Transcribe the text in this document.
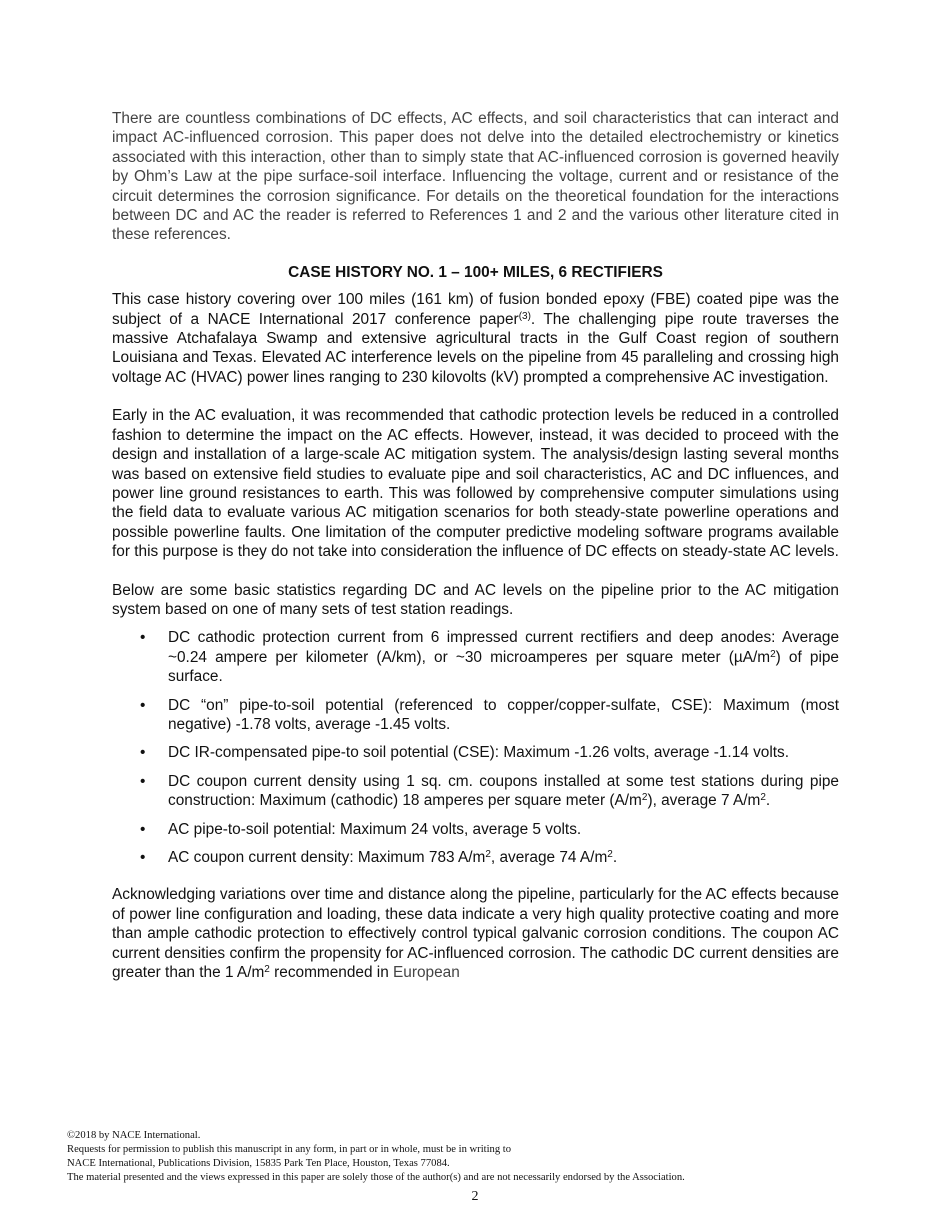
There are countless combinations of DC effects, AC effects, and soil characteristics that can interact and impact AC-influenced corrosion. This paper does not delve into the detailed electrochemistry or kinetics associated with this interaction, other than to simply state that AC-influenced corrosion is governed heavily by Ohm’s Law at the pipe surface-soil interface. Influencing the voltage, current and or resistance of the circuit determines the corrosion significance. For details on the theoretical foundation for the interactions between DC and AC the reader is referred to References 1 and 2 and the various other literature cited in these references.

CASE HISTORY NO. 1 – 100+ MILES, 6 RECTIFIERS

This case history covering over 100 miles (161 km) of fusion bonded epoxy (FBE) coated pipe was the subject of a NACE International 2017 conference paper$^{(3)}$. The challenging pipe route traverses the massive Atchafalaya Swamp and extensive agricultural tracts in the Gulf Coast region of southern Louisiana and Texas. Elevated AC interference levels on the pipeline from 45 paralleling and crossing high voltage AC (HVAC) power lines ranging to 230 kilovolts (kV) prompted a comprehensive AC investigation.

Early in the AC evaluation, it was recommended that cathodic protection levels be reduced in a controlled fashion to determine the impact on the AC effects. However, instead, it was decided to proceed with the design and installation of a large-scale AC mitigation system. The analysis/design lasting several months was based on extensive field studies to evaluate pipe and soil characteristics, AC and DC influences, and power line ground resistances to earth. This was followed by comprehensive computer simulations using the field data to evaluate various AC mitigation scenarios for both steady-state powerline operations and possible powerline faults. One limitation of the computer predictive modeling software programs available for this purpose is they do not take into consideration the influence of DC effects on steady-state AC levels.

Below are some basic statistics regarding DC and AC levels on the pipeline prior to the AC mitigation system based on one of many sets of test station readings.

• DC cathodic protection current from 6 impressed current rectifiers and deep anodes: Average ~0.24 ampere per kilometer (A/km), or ~30 microamperes per square meter $(\mu A/m^2)$ of pipe surface.
• DC “on” pipe-to-soil potential (referenced to copper/copper-sulfate, CSE): Maximum (most negative) -1.78 volts, average -1.45 volts.
• DC IR-compensated pipe-to soil potential (CSE): Maximum -1.26 volts, average -1.14 volts.
• DC coupon current density using 1 sq. cm. coupons installed at some test stations during pipe construction: Maximum (cathodic) 18 amperes per square meter $(A/m^2)$, average 7 $A/m^2$.
• AC pipe-to-soil potential: Maximum 24 volts, average 5 volts.
• AC coupon current density: Maximum 783 $A/m^2$, average 74 $A/m^2$.

Acknowledging variations over time and distance along the pipeline, particularly for the AC effects because of power line configuration and loading, these data indicate a very high quality protective coating and more than ample cathodic protection to effectively control typical galvanic corrosion conditions. The coupon AC current densities confirm the propensity for AC-influenced corrosion. The cathodic DC current densities are greater than the 1 $A/m^2$ recommended in European

©2018 by NACE International.

Requests for permission to publish this manuscript in any form, in part or in whole, must be in writing to

NACE International, Publications Division, 15835 Park Ten Place, Houston, Texas 77084.

The material presented and the views expressed in this paper are solely those of the author(s) and are not necessarily endorsed by the Association.

2
